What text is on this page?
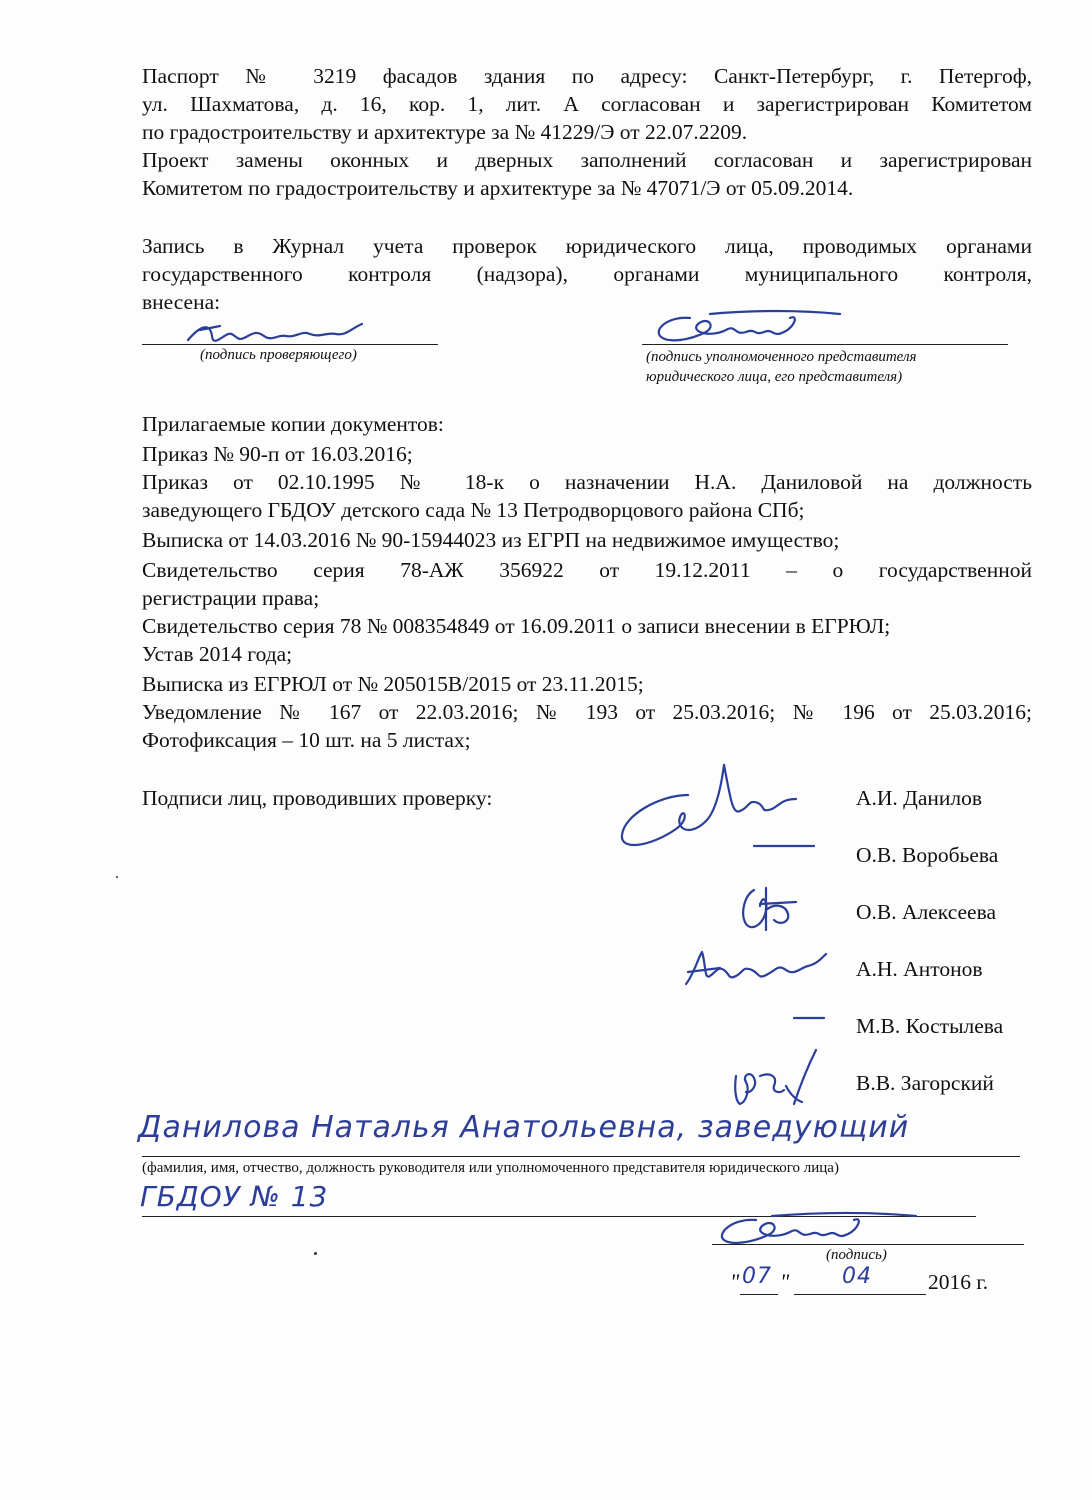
Паспорт № 3219 фасадов здания по адресу: Санкт-Петербург, г. Петергоф,
ул. Шахматова, д. 16, кор. 1, лит. А согласован и зарегистрирован Комитетом
по градостроительству и архитектуре за № 41229/Э от 22.07.2209.
Проект замены оконных и дверных заполнений согласован и зарегистрирован
Комитетом по градостроительству и архитектуре за № 47071/Э от 05.09.2014.
Запись в Журнал учета проверок юридического лица, проводимых органами
государственного контроля (надзора), органами муниципального контроля,
внесена:
(подпись проверяющего)	(подпись уполномоченного представителя
юридического лица, его представителя)
Прилагаемые копии документов:
Приказ № 90-п от 16.03.2016;
Приказ от 02.10.1995 № 18-к о назначении Н.А. Даниловой на должность
заведующего ГБДОУ детского сада № 13 Петродворцового района СПб;
Выписка от 14.03.2016 № 90-15944023 из ЕГРП на недвижимое имущество;
Свидетельство серия 78-АЖ 356922 от 19.12.2011 – о государственной
регистрации права;
Свидетельство серия 78 № 008354849 от 16.09.2011 о записи внесении в ЕГРЮЛ;
Устав 2014 года;
Выписка из ЕГРЮЛ от № 205015В/2015 от 23.11.2015;
Уведомление № 167 от 22.03.2016; № 193 от 25.03.2016; № 196 от 25.03.2016;
Фотофиксация – 10 шт. на 5 листах;
Подписи лиц, проводивших проверку:	А.И. Данилов
О.В. Воробьева
О.В. Алексеева
А.Н. Антонов
М.В. Костылева
В.В. Загорский
Данилова Наталья Анатольевна, заведующий
(фамилия, имя, отчество, должность руководителя или уполномоченного представителя юридического лица)
ГБДОУ № 13
(подпись)
" 07 " 04	2016 г.
